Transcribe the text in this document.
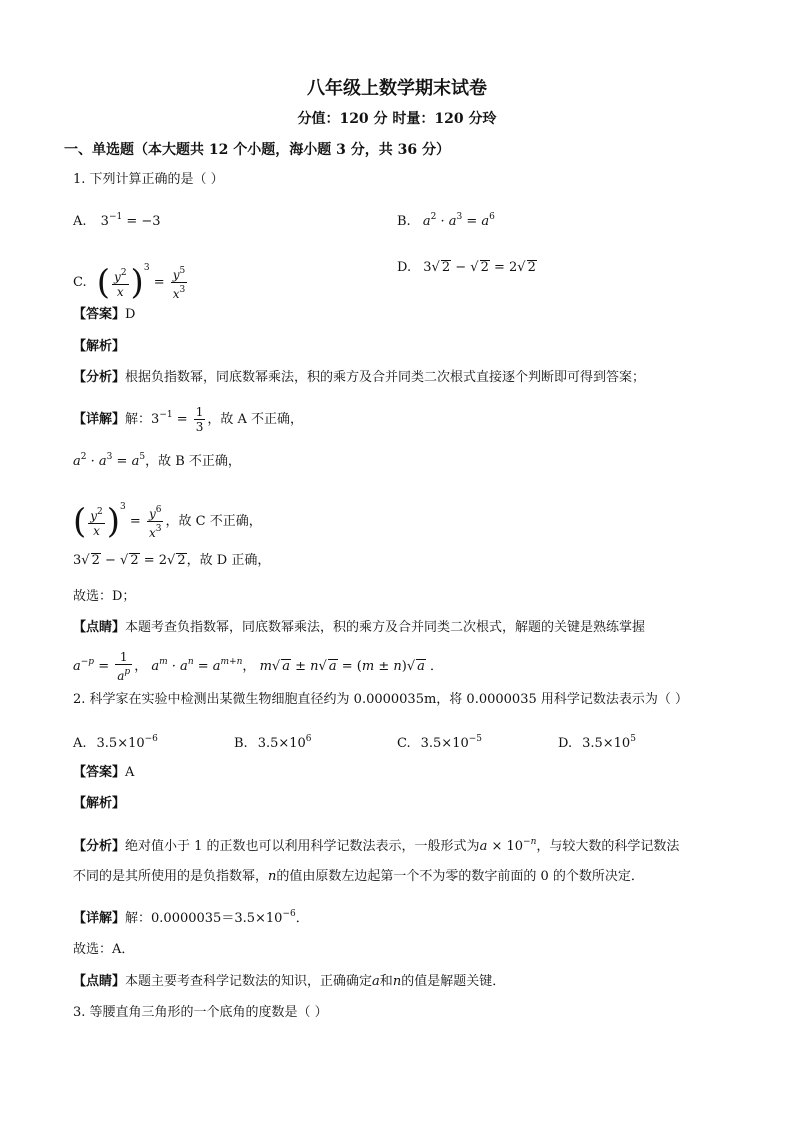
八年级上数学期末试卷
分值：120 分 时量：120 分玲
一、单选题（本大题共 12 个小题，海小题 3 分，共 36 分）
1. 下列计算正确的是（ ）
A. $3^{-1} = -3$	B. $a^2 \cdot a^3 = a^6$
C. ( $\frac{y^2}{x} )^3 = \frac{y^5}{x^3}$	D. 3√ 2 − √ 2 = 2√ 2
【答案】D
【解析】
【分析】根据负指数幂，同底数幂乘法，积的乘方及合并同类二次根式直接逐个判断即可得到答案；
【详解】解：$3^{-1} = \frac{1}{3}$ ，故 A 不正确，
$a^2 \cdot a^3 = a^5$，故 B 不正确，
( $\frac{y^2}{x} )^3 = \frac{y^6}{x^3}$ ，故 C 不正确，
3√ 2 − √ 2 = 2√ 2，故 D 正确，
故选：D；
【点睛】本题考查负指数幂，同底数幂乘法，积的乘方及合并同类二次根式，解题的关键是熟练掌握
$a^{-p} = \frac{1}{a^p}$ ， $a^m \cdot a^n = a^{m+n}$， m√ a ± n√ a = (m ± n)√ a ．
2. 科学家在实验中检测出某微生物细胞直径约为 0.0000035m，将 0.0000035 用科学记数法表示为（ ）
A. $3.5\times 10^{-6}$	B. $3.5\times 10^6$	C. $3.5\times 10^{-5}$	D. $3.5\times 10^5$
【答案】A
【解析】
【分析】绝对值小于 1 的正数也可以利用科学记数法表示，一般形式为$a \times 10^{-n}$，与较大数的科学记数法
不同的是其所使用的是负指数幂，n的值由原数左边起第一个不为零的数字前面的 0 的个数所决定．
【详解】解：$0.0000035=3.5\times 10^{-6}$．
故选：A．
【点睛】本题主要考查科学记数法的知识，正确确定a和n的值是解题关键．
3. 等腰直角三角形的一个底角的度数是（ ）
